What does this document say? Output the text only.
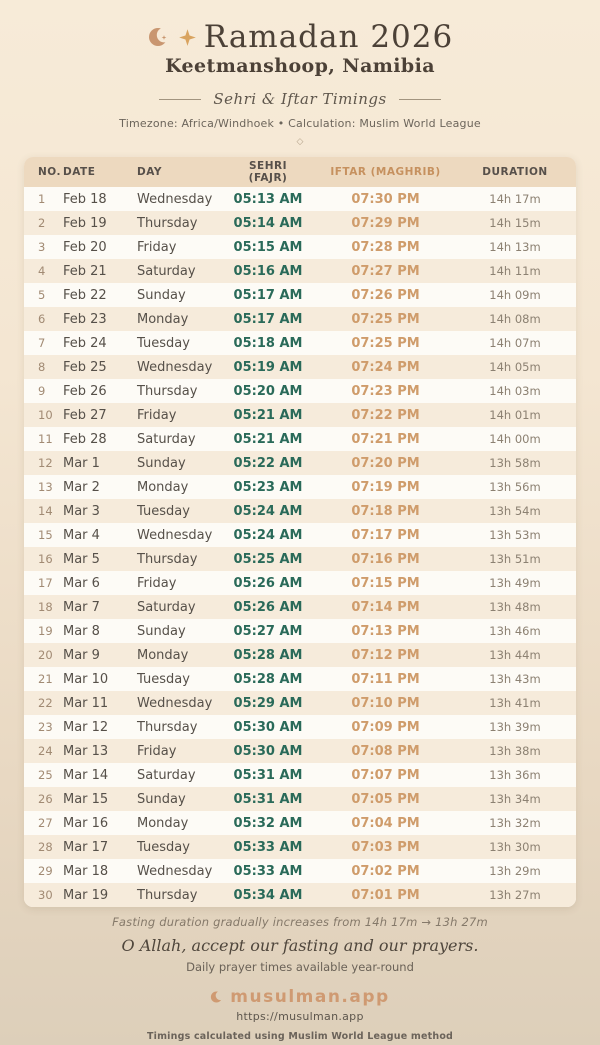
Ramadan 2026
Keetmanshoop, Namibia
Sehri & Iftar Timings
Timezone: Africa/Windhoek • Calculation: Muslim World League
◇
NO. DATE	DAY	SEHRI (FAJR)	IFTAR (MAGHRIB)	DURATION
1	Feb 18	Wednesday	05:13 AM	07:30 PM	14h 17m
2	Feb 19	Thursday	05:14 AM	07:29 PM	14h 15m
3	Feb 20	Friday	05:15 AM	07:28 PM	14h 13m
4	Feb 21	Saturday	05:16 AM	07:27 PM	14h 11m
5	Feb 22	Sunday	05:17 AM	07:26 PM	14h 09m
6	Feb 23	Monday	05:17 AM	07:25 PM	14h 08m
7	Feb 24	Tuesday	05:18 AM	07:25 PM	14h 07m
8	Feb 25	Wednesday	05:19 AM	07:24 PM	14h 05m
9	Feb 26	Thursday	05:20 AM	07:23 PM	14h 03m
10 Feb 27	Friday	05:21 AM	07:22 PM	14h 01m
11 Feb 28	Saturday	05:21 AM	07:21 PM	14h 00m
12 Mar 1	Sunday	05:22 AM	07:20 PM	13h 58m
13 Mar 2	Monday	05:23 AM	07:19 PM	13h 56m
14 Mar 3	Tuesday	05:24 AM	07:18 PM	13h 54m
15 Mar 4	Wednesday	05:24 AM	07:17 PM	13h 53m
16 Mar 5	Thursday	05:25 AM	07:16 PM	13h 51m
17 Mar 6	Friday	05:26 AM	07:15 PM	13h 49m
18 Mar 7	Saturday	05:26 AM	07:14 PM	13h 48m
19 Mar 8	Sunday	05:27 AM	07:13 PM	13h 46m
20 Mar 9	Monday	05:28 AM	07:12 PM	13h 44m
21 Mar 10	Tuesday	05:28 AM	07:11 PM	13h 43m
22 Mar 11	Wednesday	05:29 AM	07:10 PM	13h 41m
23 Mar 12	Thursday	05:30 AM	07:09 PM	13h 39m
24 Mar 13	Friday	05:30 AM	07:08 PM	13h 38m
25 Mar 14	Saturday	05:31 AM	07:07 PM	13h 36m
26 Mar 15	Sunday	05:31 AM	07:05 PM	13h 34m
27 Mar 16	Monday	05:32 AM	07:04 PM	13h 32m
28 Mar 17	Tuesday	05:33 AM	07:03 PM	13h 30m
29 Mar 18	Wednesday	05:33 AM	07:02 PM	13h 29m
30 Mar 19	Thursday	05:34 AM	07:01 PM	13h 27m
Fasting duration gradually increases from 14h 17m → 13h 27m
O Allah, accept our fasting and our prayers.
Daily prayer times available year-round
musulman.app
https://musulman.app
Timings calculated using Muslim World League method
